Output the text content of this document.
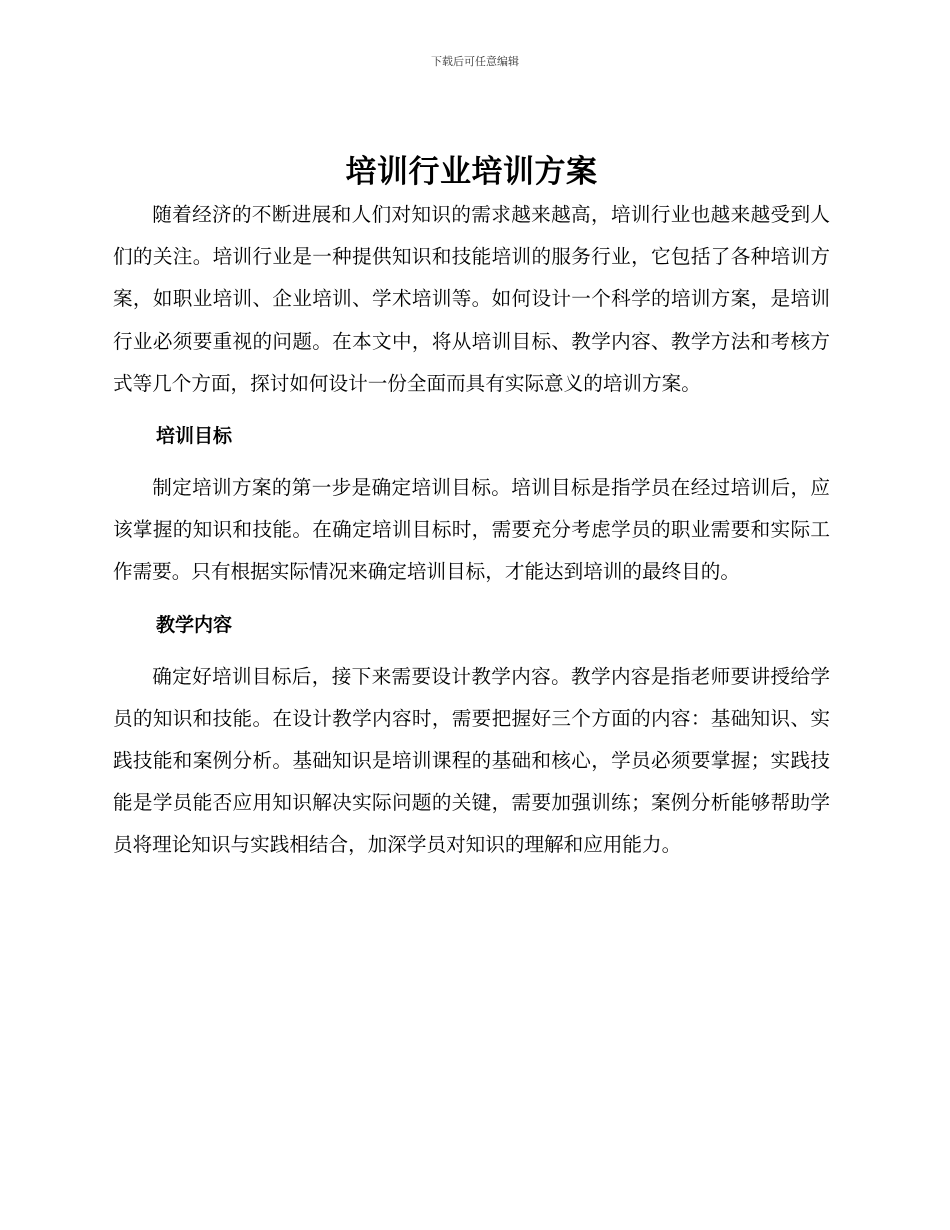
下载后可任意编辑
培训行业培训方案

随着经济的不断进展和人们对知识的需求越来越高，培训行业也越来越受到人们的关注。培训行业是一种提供知识和技能培训的服务行业，它包括了各种培训方案，如职业培训、企业培训、学术培训等。如何设计一个科学的培训方案，是培训行业必须要重视的问题。在本文中，将从培训目标、教学内容、教学方法和考核方式等几个方面，探讨如何设计一份全面而具有实际意义的培训方案。

培训目标

制定培训方案的第一步是确定培训目标。培训目标是指学员在经过培训后，应该掌握的知识和技能。在确定培训目标时，需要充分考虑学员的职业需要和实际工作需要。只有根据实际情况来确定培训目标，才能达到培训的最终目的。

教学内容

确定好培训目标后，接下来需要设计教学内容。教学内容是指老师要讲授给学员的知识和技能。在设计教学内容时，需要把握好三个方面的内容：基础知识、实践技能和案例分析。基础知识是培训课程的基础和核心，学员必须要掌握；实践技能是学员能否应用知识解决实际问题的关键，需要加强训练；案例分析能够帮助学员将理论知识与实践相结合，加深学员对知识的理解和应用能力。
